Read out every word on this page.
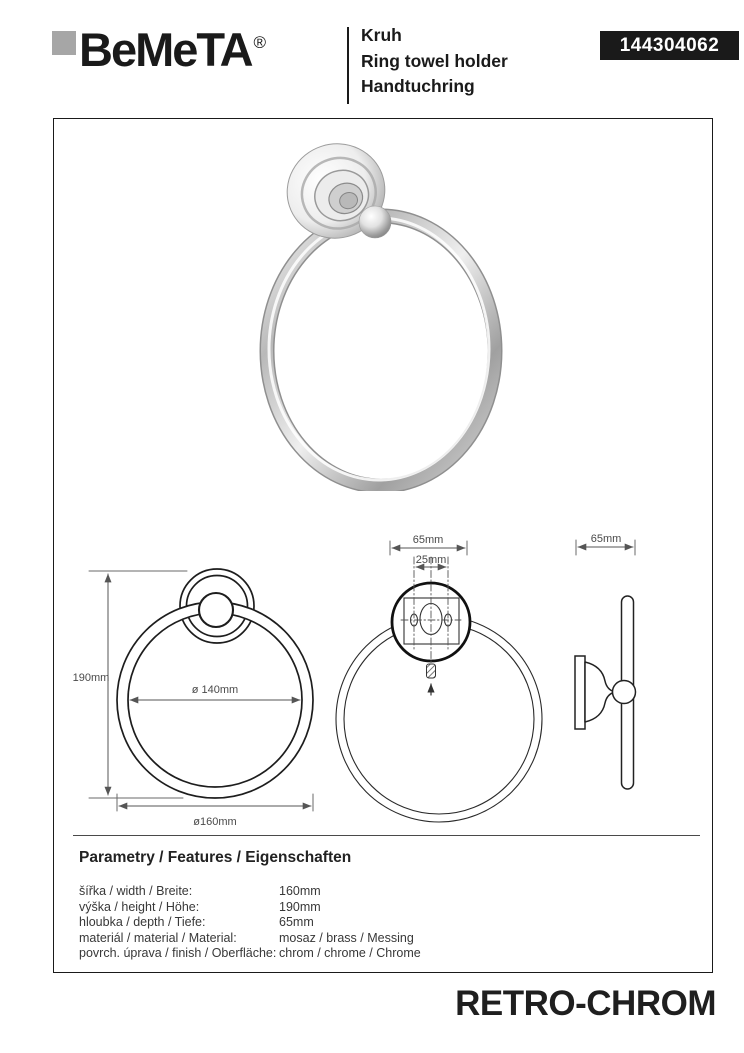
BeMeTA ®	Kruh
Ring towel holder
Handtuchring
144304062
190mm
ø 140mm
ø160mm
65mm
25mm
65mm
Parametry / Features / Eigenschaften
šířka / width / Breite:	160mm
výška / height / Höhe:	190mm
hloubka / depth / Tiefe:	65mm
materiál / material / Material:	mosaz / brass / Messing
povrch. úprava / finish / Oberfläche: chrom / chrome / Chrome
RETRO-CHROM
